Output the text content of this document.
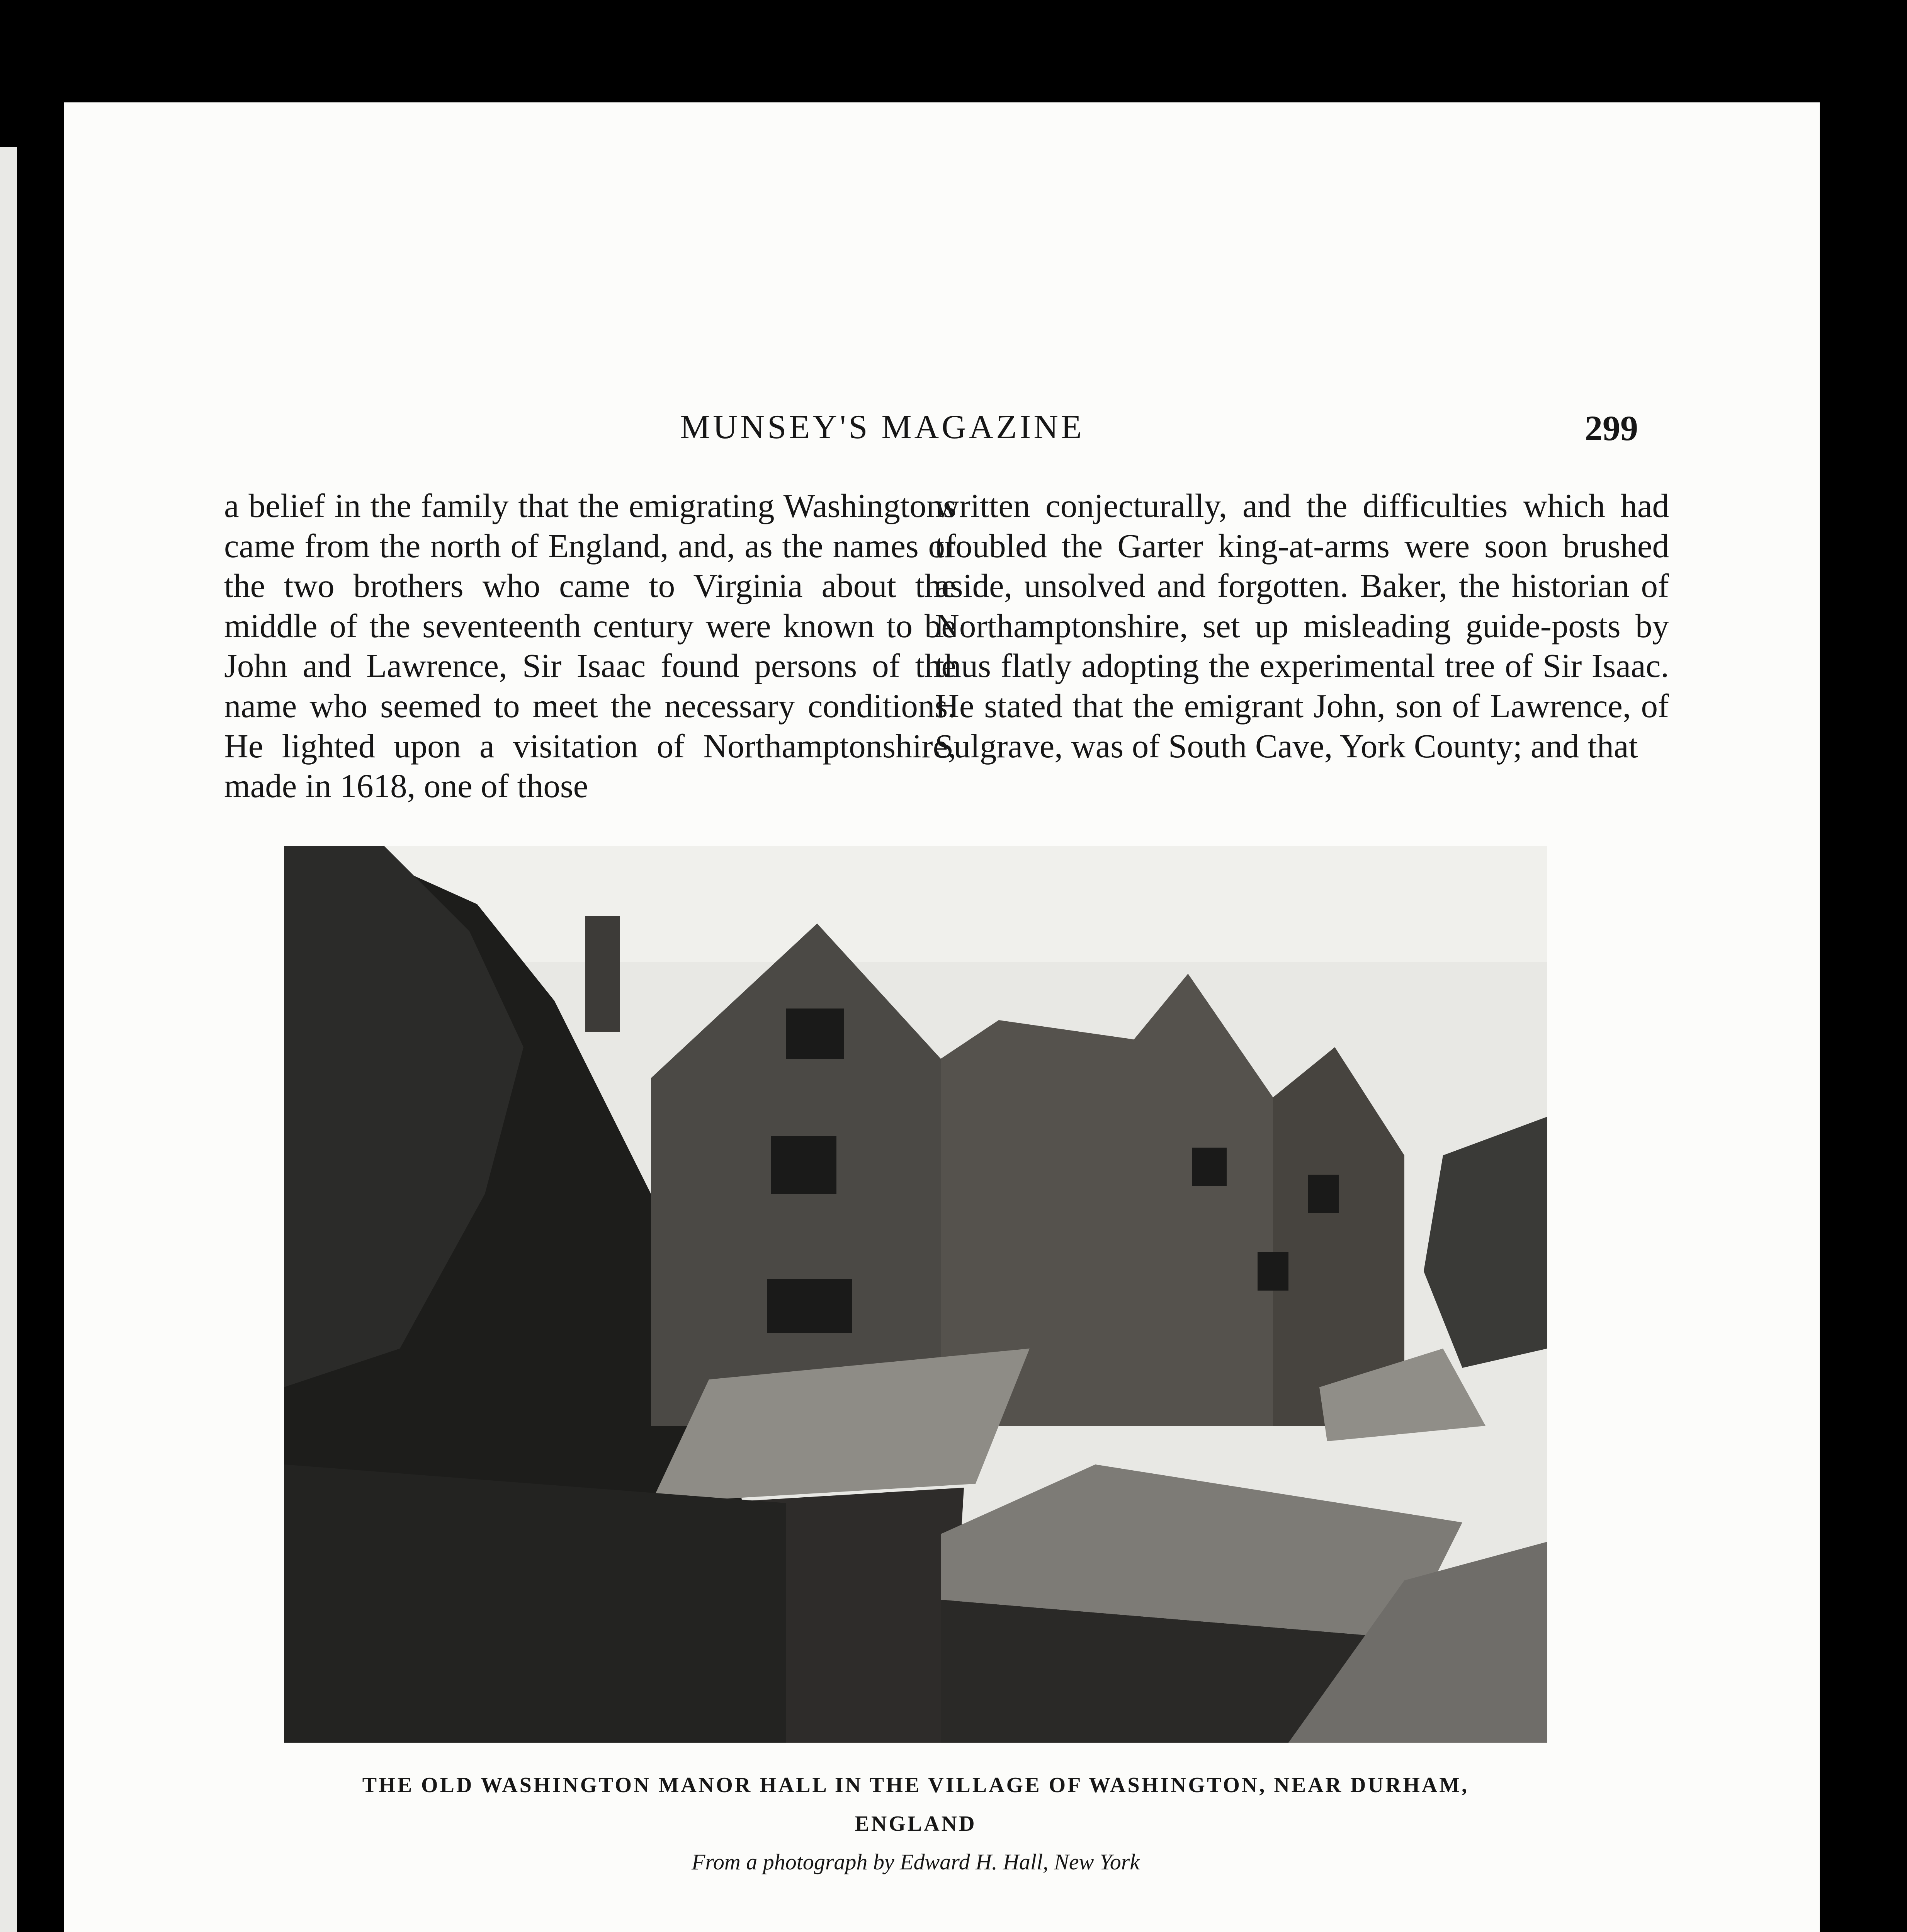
MUNSEY'S MAGAZINE	299

a belief in the family that the emigrating Washingtons came from the north of England, and, as the names of the two brothers who came to Virginia about the middle of the seventeenth century were known to be John and Lawrence, Sir Isaac found persons of the name who seemed to meet the necessary conditions. He lighted upon a visitation of Northamptonshire, made in 1618, one of those

written conjecturally, and the difficulties which had troubled the Garter king-at-arms were soon brushed aside, unsolved and forgotten. Baker, the historian of Northamptonshire, set up misleading guide-posts by thus flatly adopting the experimental tree of Sir Isaac. He stated that the emigrant John, son of Lawrence, of Sulgrave, was of South Cave, York County; and that

THE OLD WASHINGTON MANOR HALL IN THE VILLAGE OF WASHINGTON, NEAR DURHAM, ENGLAND
From a photograph by Edward H. Hall, New York
